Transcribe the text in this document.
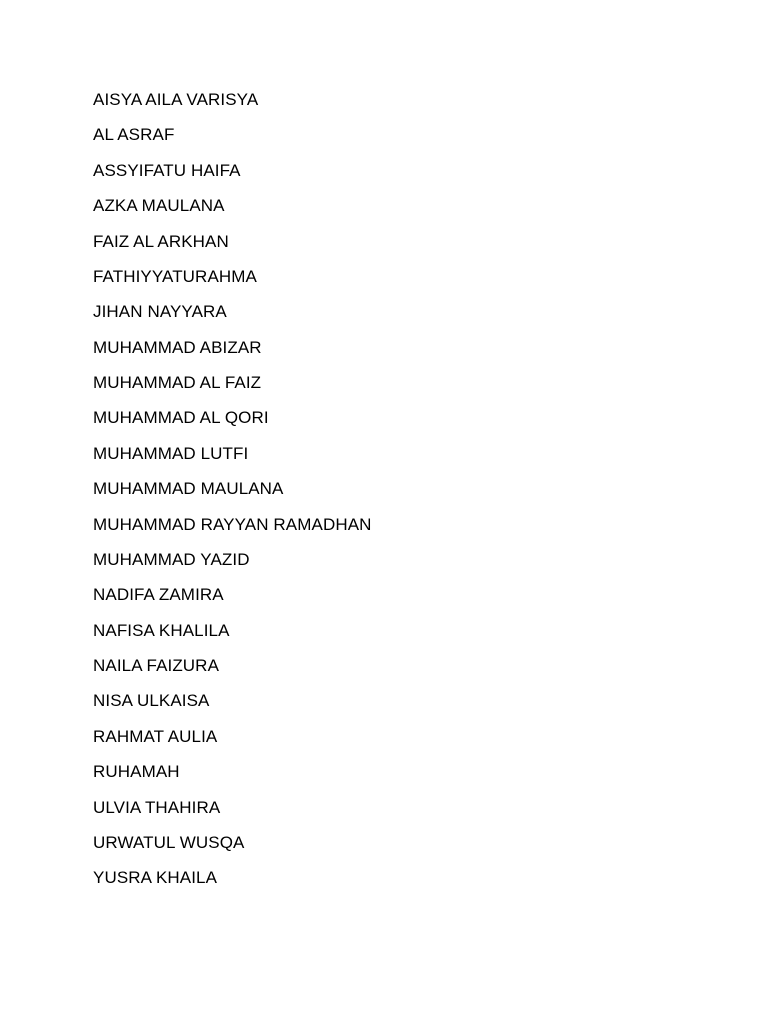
AISYA AILA VARISYA
AL ASRAF
ASSYIFATU HAIFA
AZKA MAULANA
FAIZ AL ARKHAN
FATHIYYATURAHMA
JIHAN NAYYARA
MUHAMMAD ABIZAR
MUHAMMAD AL FAIZ
MUHAMMAD AL QORI
MUHAMMAD LUTFI
MUHAMMAD MAULANA
MUHAMMAD RAYYAN RAMADHAN
MUHAMMAD YAZID
NADIFA ZAMIRA
NAFISA KHALILA
NAILA FAIZURA
NISA ULKAISA
RAHMAT AULIA
RUHAMAH
ULVIA THAHIRA
URWATUL WUSQA
YUSRA KHAILA
